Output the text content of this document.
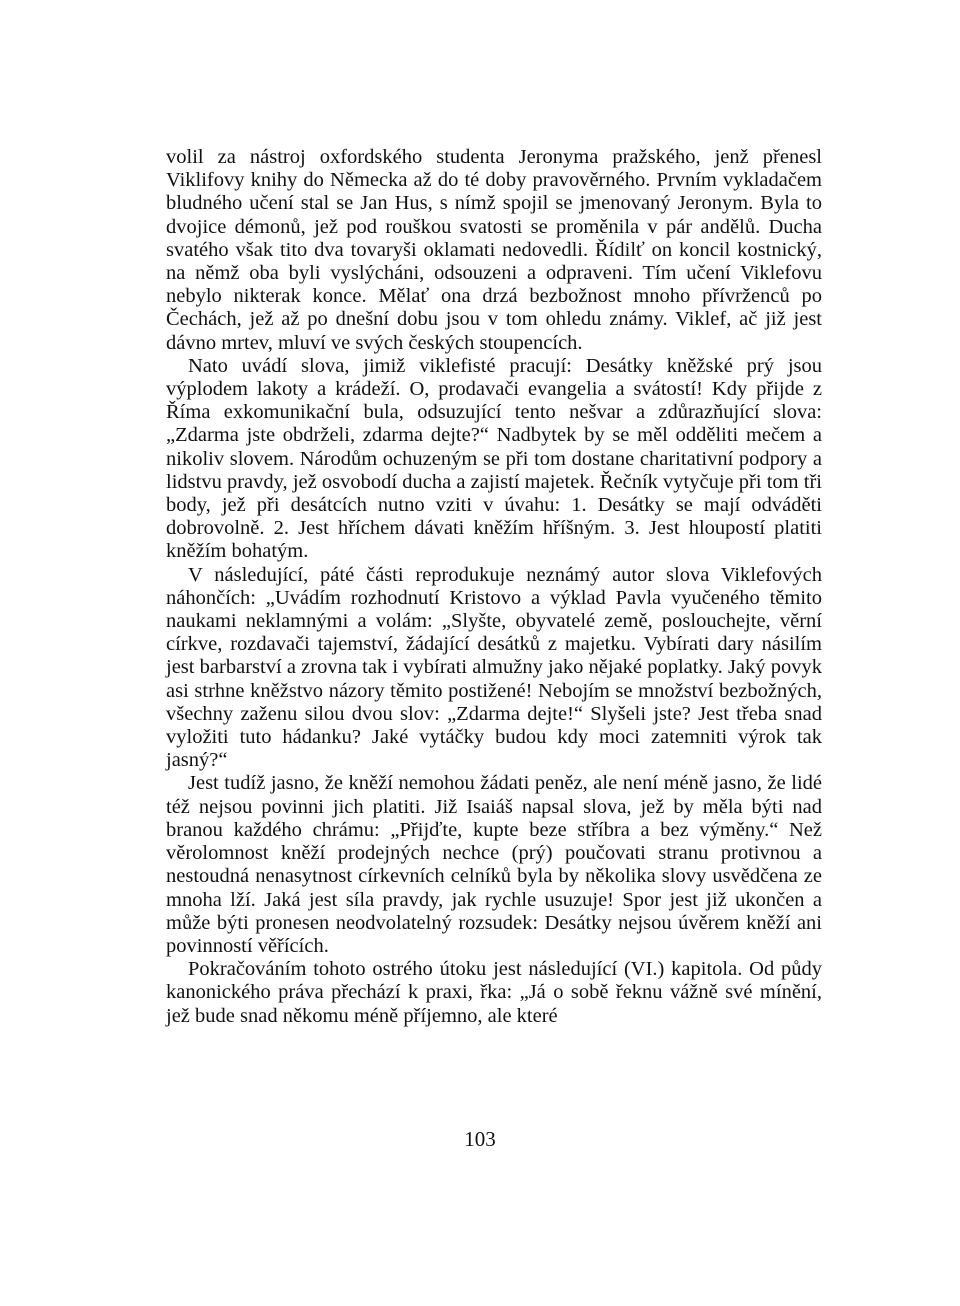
volil za nástroj oxfordského studenta Jeronyma pražského, jenž přenesl Viklifovy knihy do Německa až do té doby pravověrného. Prvním vykladačem bludného učení stal se Jan Hus, s nímž spojil se jmenovaný Jeronym. Byla to dvojice démonů, jež pod rouškou svatosti se proměnila v pár andělů. Ducha svatého však tito dva tovaryši oklamati nedovedli. Řídilť on koncil kostnický, na němž oba byli vyslýcháni, odsouzeni a odpraveni. Tím učení Viklefovu nebylo nikterak konce. Mělať ona drzá bezbožnost mnoho přívrženců po Čechách, jež až po dnešní dobu jsou v tom ohledu známy. Viklef, ač již jest dávno mrtev, mluví ve svých českých stoupencích.

Nato uvádí slova, jimiž viklefisté pracují: Desátky kněžské prý jsou výplodem lakoty a krádeží. O, prodavači evangelia a svátostí! Kdy přijde z Říma exkomunikační bula, odsuzující tento nešvar a zdůrazňující slova: „Zdarma jste obdrželi, zdarma dejte?“ Nadbytek by se měl odděliti mečem a nikoliv slovem. Národům ochuzeným se při tom dostane charitativní podpory a lidstvu pravdy, jež osvobodí ducha a zajistí majetek. Řečník vytyčuje při tom tři body, jež při desátcích nutno vziti v úvahu: 1. Desátky se mají odváděti dobrovolně. 2. Jest hříchem dávati kněžím hříšným. 3. Jest hloupostí platiti kněžím bohatým.

V následující, páté části reprodukuje neznámý autor slova Viklefových náhončích: „Uvádím rozhodnutí Kristovo a výklad Pavla vyučeného těmito naukami neklamnými a volám: „Slyšte, obyvatelé země, poslouchejte, věrní církve, rozdavači tajemství, žádající desátků z majetku. Vybírati dary násilím jest barbarství a zrovna tak i vybírati almužny jako nějaké poplatky. Jaký povyk asi strhne kněžstvo názory těmito postižené! Nebojím se množství bezbožných, všechny zaženu silou dvou slov: „Zdarma dejte!“ Slyšeli jste? Jest třeba snad vyložiti tuto hádanku? Jaké vytáčky budou kdy moci zatemniti výrok tak jasný?“

Jest tudíž jasno, že kněží nemohou žádati peněz, ale není méně jasno, že lidé též nejsou povinni jich platiti. Již Isaiáš napsal slova, jež by měla býti nad branou každého chrámu: „Přijďte, kupte beze stříbra a bez výměny.“ Než věrolomnost kněží prodejných nechce (prý) poučovati stranu protivnou a nestoudná nenasytnost církevních celníků byla by několika slovy usvědčena ze mnoha lží. Jaká jest síla pravdy, jak rychle usuzuje! Spor jest již ukončen a může býti pronesen neodvolatelný rozsudek: Desátky nejsou úvěrem kněží ani povinností věřících.

Pokračováním tohoto ostrého útoku jest následující (VI.) kapitola. Od půdy kanonického práva přechází k praxi, řka: „Já o sobě řeknu vážně své mínění, jež bude snad někomu méně příjemno, ale které

103
